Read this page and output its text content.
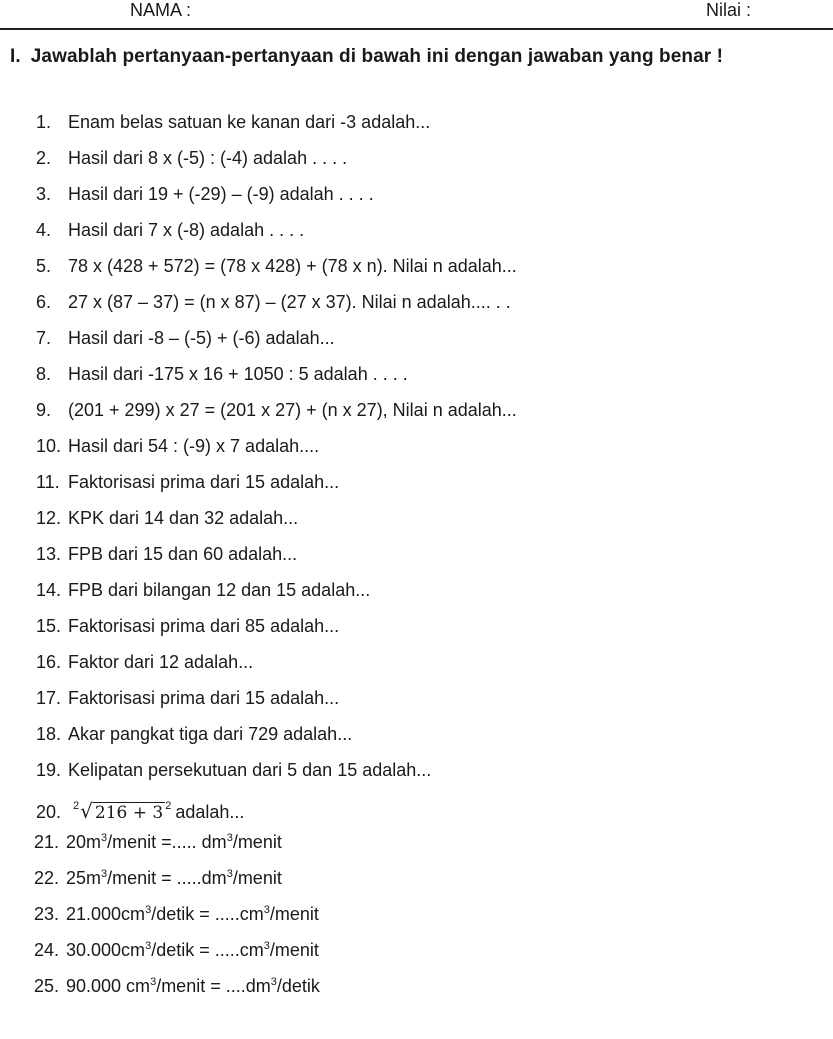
NAMA :	Nilai :
I. Jawablah pertanyaan-pertanyaan di bawah ini dengan jawaban yang benar !
1. Enam belas satuan ke kanan dari -3 adalah...
2. Hasil dari 8 x (-5) : (-4) adalah . . . .
3. Hasil dari 19 + (-29) – (-9) adalah . . . .
4. Hasil dari 7 x (-8) adalah . . . .
5. 78 x (428 + 572) = (78 x 428) + (78 x n). Nilai n adalah...
6. 27 x (87 – 37) = (n x 87) – (27 x 37). Nilai n adalah.... . .
7. Hasil dari -8 – (-5) + (-6) adalah...
8. Hasil dari -175 x 16 + 1050 : 5 adalah . . . .
9. (201 + 299) x 27 = (201 x 27) + (n x 27), Nilai n adalah...
10. Hasil dari 54 : (-9) x 7 adalah....
11. Faktorisasi prima dari 15 adalah...
12. KPK dari 14 dan 32 adalah...
13. FPB dari 15 dan 60 adalah...
14. FPB dari bilangan 12 dan 15 adalah...
15. Faktorisasi prima dari 85 adalah...
16. Faktor dari 12 adalah...
17. Faktorisasi prima dari 15 adalah...
18. Akar pangkat tiga dari 729 adalah...
19. Kelipatan persekutuan dari 5 dan 15 adalah...
20. $^2$√ 216 + 3 $^2$ adalah...
21. $20m^3$/menit =..... $dm^3$/menit
22. $25m^3$/menit = $.....dm^3$/menit
23. $21.000cm^3$/detik = $.....cm^3$/menit
24. $30.000cm^3$/detik = $.....cm^3$/menit
25. 90.000 $cm^3$/menit = $....dm^3$/detik
